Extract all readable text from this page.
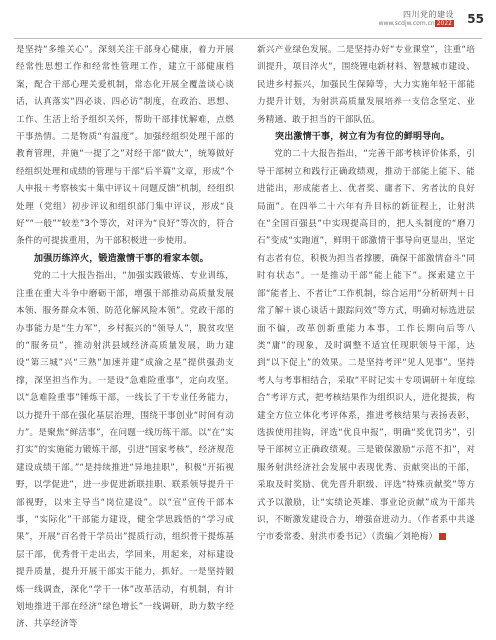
四川党的建设
www.scdjw.com.cn 2022 55

是坚持“多维关心”。深刻关注干部身心健康，着力开展经常性思想工作和经常性管理工作，建立干部健康档案，配合干部心理关爱机制，常态化开展全覆盖谈心谈话，认真落实“四必谈、四必访”制度，在政治、思想、工作、生活上给予组织关怀，帮助干部排忧解难，点燃干事热情。二是物质“有温度”。加强经组织处理干部的教育管理，并施“一提了之”对经干部“做大”，统筹做好经组织处理和成绩的管理与干部“后半篇”文章，形成“个人申报＋考察核实＋集中评议＋问题反馈”机制，经组织处理（党组）初步评议和组织部门集中评议，形成“良好”“一般”“较差”3个等次，对评为“良好”等次的，符合条件的可提拔重用，为干部积极进一步使用。

加强历练淬火，锻造激情干事的看家本领。

党的二十大报告指出，“加强实践锻炼、专业训练，注重在重大斗争中磨砺干部，增强干部推动高质量发展本领、服务群众本领、防范化解风险本领”。党政干部的办事能力是“生力军”，乡村振兴的“领导人”，脱贫攻坚的“服务员”，推动射洪县域经济高质量发展，助力建设“第三城”兴“三熟”加速并建“成渝之星”提供强劲支撑，深坚担当作为。一是设“急难险重事”，定向攻坚。以“急难险重事”锤炼干部，一线长了干专业任务能力，以力提升干部在强化基层治理，围绕干事创业“时间有动力”。是聚焦“鲜活事”，在问题一线历练干部。以“在“实打实”的实施能力锻炼干部，引进“国家考核”，经济规范建设成绩干部。”“是持续推进“异地挂职”，积极“开拓视野，以学促进”，进一步促进新联挂职、联系领导提升干部视野，以来主导当“岗位建设”。以“宣”宣传干部本事，“实际化”干部能力建设，健全学思践悟的“学习成果”，开展“百名骨干学员出”提质行动，组织骨干提炼基层干部，优秀骨干走出去，学回来，用起来，对标建设提升质量，提升开展干部实干能力，抓好。一是坚持锻炼一线调查，深化“学干一体”改革活动，有机制，有计划地推进干部在经济“绿色增长”一线调研，助力数字经济、共享经济等

新兴产业绿色发展。二是坚持办好“专业课堂”，注重“培训提升，项目淬火”，围绕锂电新材料、智慧城市建设、民进乡村振兴，加强民生保障等，大力实施年轻干部能力提升计划，为射洪高质量发展培养一支信念坚定、业务精通、敢于担当的干部队伍。

突出激情干事，树立有为有位的鲜明导向。

党的二十大报告指出，“完善干部考核评价体系，引导干部树立和践行正确政绩观，推动干部能上能下、能进能出，形成能者上、优者奖、庸者下、劣者汰的良好局面”。在四举二十六年有升目标的新征程上，让射洪在“全国百强县”中实现提高目的，把人头制度的“磨刀石”变成“实跑道”，鲜明干部激情干事导向更显出，坚定有志者有位，积极为担当者撑腰，确保干部激情奋斗“同时有状态”。一是推动干部“能上能下”。探索建立干部“能者上、不者让”工作机制，综合运用“分析研判＋日常了解＋谈心谈话＋跟踪问效”等方式，明确对标选进层面不偏，改革创新重能力本事，工作长期向后等八类“庸”的现象，及时调整不适宜任现职领导干部，达到“以下促上”的效果。二是坚持考评“见人见事”。坚持考人与考事相结合，采取“平时记实＋专项调研＋年度综合”考评方式，把考核结果作为组织识人，进化提拔，构建全方位立体化考评体系，推进考核结果与表扬表彰，选拔使用挂钩，评选“优良申报”，明确“奖优罚劣”，引导干部树立正确政绩观。三是锻保激励“示范不扣”，对服务射洪经济社会发展中表现优秀、贡献突出的干部，采取及时奖励、优先晋升职级、评选“特殊贡献奖”等方式予以激励，让“实绩论英雄、事业论贡献”成为干部共识，不断激发建设合力，增强奋进动力。（作者系中共遂宁市委常委、射洪市委书记）（责编／刘艳梅）
